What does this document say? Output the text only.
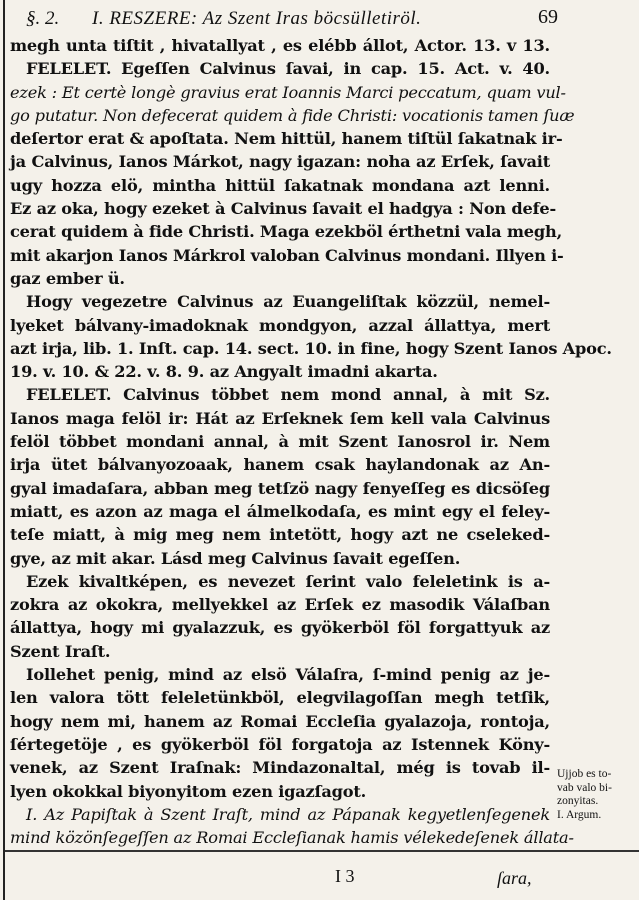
§. 2. I. RESZERE: Az Szent Iras böcsülletiröl.	69
megh unta tiſtit , hivatallyat , es elébb állot, Actor. 13. v 13.
FELELET. Egeſſen Calvinus ſavai, in cap. 15. Act. v. 40.
ezek : Et certè longè gravius erat Ioannis Marci peccatum, quam vul-
go putatur. Non defecerat quidem à fide Christi: vocationis tamen ſuæ
deſertor erat & apoſtata. Nem hittül, hanem tiſtül ſakatnak ir-
ja Calvinus, Ianos Márkot, nagy igazan: noha az Erſek, ſavait
ugy hozza elö, mintha hittül ſakatnak mondana azt lenni.
Ez az oka, hogy ezeket à Calvinus ſavait el hadgya : Non defe-
cerat quidem à fide Christi. Maga ezekböl érthetni vala megh,
mit akarjon Ianos Márkrol valoban Calvinus mondani. Illyen i-
gaz ember ü.
Hogy vegezetre Calvinus az Euangeliſtak közzül, nemel-
lyeket bálvany-imadoknak mondgyon, azzal állattya, mert
azt irja, lib. 1. Inſt. cap. 14. sect. 10. in fine, hogy Szent Ianos Apoc.
19. v. 10. & 22. v. 8. 9. az Angyalt imadni akarta.
FELELET. Calvinus többet nem mond annal, à mit Sz.
Ianos maga felöl ir: Hát az Erſeknek ſem kell vala Calvinus
felöl többet mondani annal, à mit Szent Ianosrol ir. Nem
irja ütet bálvanyozoaak, hanem csak haylandonak az An-
gyal imadaſara, abban meg tetſzö nagy fenyeſſeg es dicsöſeg
miatt, es azon az maga el álmelkodaſa, es mint egy el feley-
teſe miatt, à mig meg nem intetött, hogy azt ne cseleked-
gye, az mit akar. Lásd meg Calvinus ſavait egeſſen.
Ezek kivaltképen, es nevezet ſerint valo feleletink is a-
zokra az okokra, mellyekkel az Erſek ez masodik Válaſban
állattya, hogy mi gyalazzuk, es gyökerböl föl forgattyuk az
Szent Iraſt.
Iollehet penig, mind az elsö Válaſra, ſ-mind penig az je-
len valora tött feleletünkböl, elegvilagoſſan megh tetſik,
hogy nem mi, hanem az Romai Eccleſia gyalazoja, rontoja,
ſértegetöje , es gyökerböl föl forgatoja az Istennek Köny-
venek, az Szent Iraſnak: Mindazonaltal, még is tovab il-
lyen okokkal biyonyitom ezen igazſagot.
I. Az Papiſtak à Szent Iraſt, mind az Pápanak kegyetlenſegenek
mind közönſegeſſen az Romai Eccleſianak hamis vélekedeſenek állata-
Ujjob es to-
vab valo bi-
zonyitas.
I. Argum.
I 3	ſara,
